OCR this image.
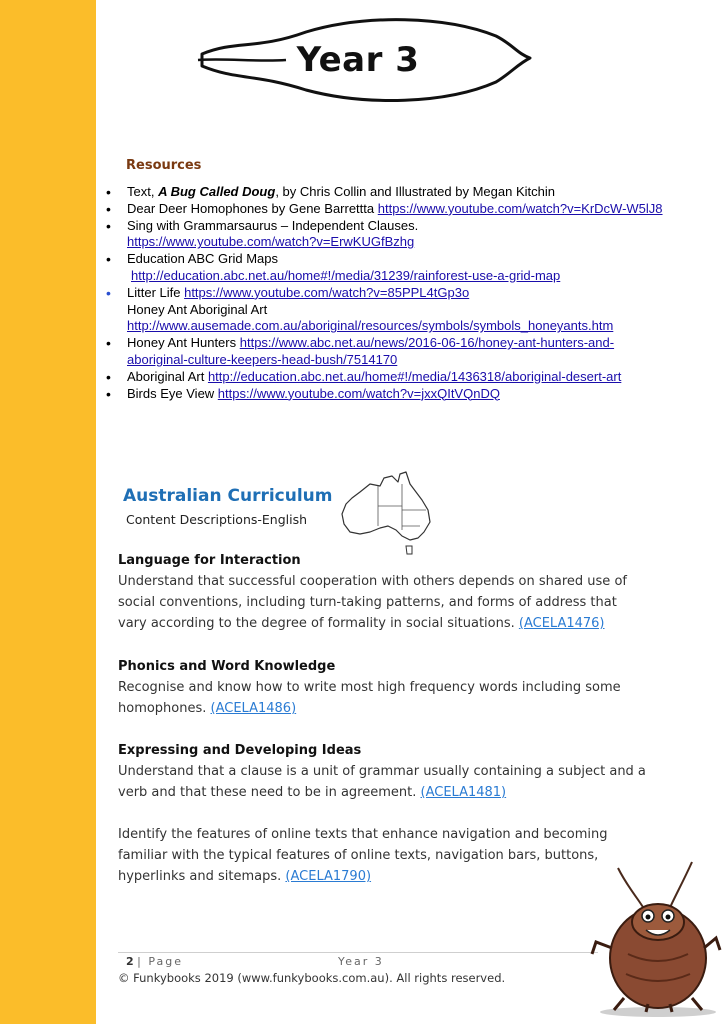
Year 3
Resources
• Text, A Bug Called Doug, by Chris Collin and Illustrated by Megan Kitchin
• Dear Deer Homophones by Gene Barrettta https://www.youtube.com/watch?v=KrDcW-W5lJ8
• Sing with Grammarsaurus – Independent Clauses.
https://www.youtube.com/watch?v=ErwKUGfBzhg
• Education ABC Grid Maps
http://education.abc.net.au/home#!/media/31239/rainforest-use-a-grid-map
• Litter Life https://www.youtube.com/watch?v=85PPL4tGp3o
Honey Ant Aboriginal Art
http://www.ausemade.com.au/aboriginal/resources/symbols/symbols_honeyants.htm
• Honey Ant Hunters https://www.abc.net.au/news/2016-06-16/honey-ant-hunters-and-
aboriginal-culture-keepers-head-bush/7514170
• Aboriginal Art http://education.abc.net.au/home#!/media/1436318/aboriginal-desert-art
• Birds Eye View https://www.youtube.com/watch?v=jxxQItVQnDQ
Australian Curriculum
Content Descriptions-English
Language for Interaction

Understand that successful cooperation with others depends on shared use of social conventions, including turn-taking patterns, and forms of address that vary according to the degree of formality in social situations. (ACELA1476)

Phonics and Word Knowledge

Recognise and know how to write most high frequency words including some homophones. (ACELA1486)

Expressing and Developing Ideas

Understand that a clause is a unit of grammar usually containing a subject and a verb and that these need to be in agreement. (ACELA1481)

Identify the features of online texts that enhance navigation and becoming familiar with the typical features of online texts, navigation bars, buttons, hyperlinks and sitemaps. (ACELA1790)

2 | Page	Year 3
© Funkybooks 2019 (www.funkybooks.com.au). All rights reserved.
